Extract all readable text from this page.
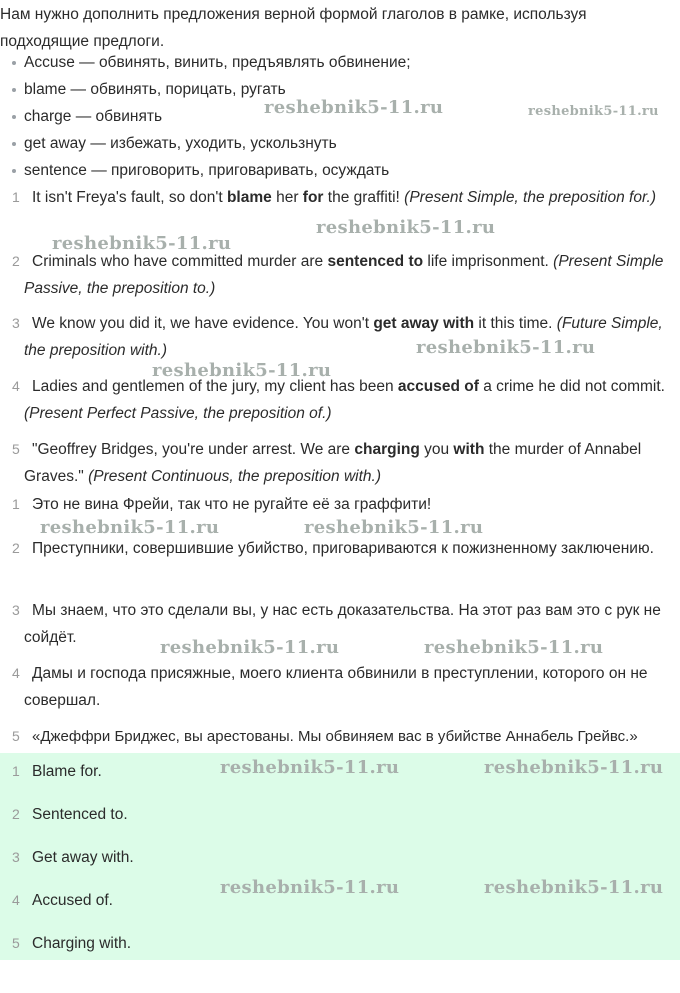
Нам нужно дополнить предложения верной формой глаголов в рамке, используя подходящие предлоги.
Accuse — обвинять, винить, предъявлять обвинение;
blame — обвинять, порицать, ругать
charge — обвинять
get away — избежать, уходить, ускользнуть
sentence — приговорить, приговаривать, осуждать
1 It isn't Freya's fault, so don't blame her for the graffiti! (Present Simple, the preposition for.)
2 Criminals who have committed murder are sentenced to life imprisonment. (Present Simple Passive, the preposition to.)
3 We know you did it, we have evidence. You won't get away with it this time. (Future Simple, the preposition with.)
4 Ladies and gentlemen of the jury, my client has been accused of a crime he did not commit. (Present Perfect Passive, the preposition of.)
5 "Geoffrey Bridges, you're under arrest. We are charging you with the murder of Annabel Graves." (Present Continuous, the preposition with.)
1 Это не вина Фрейи, так что не ругайте её за граффити!
2 Преступники, совершившие убийство, приговариваются к пожизненному заключению.
3 Мы знаем, что это сделали вы, у нас есть доказательства. На этот раз вам это с рук не сойдёт.
4 Дамы и господа присяжные, моего клиента обвинили в преступлении, которого он не совершал.
5 «Джеффри Бриджес, вы арестованы. Мы обвиняем вас в убийстве Аннабель Грейвс.»
1 Blame for.
2 Sentenced to.
3 Get away with.
4 Accused of.
5 Charging with.
reshebnik5-11.ru	reshebnik5-11.ru
reshebnik5-11.ru
reshebnik5-11.ru
reshebnik5-11.ru
reshebnik5-11.ru
reshebnik5-11.ru	reshebnik5-11.ru
reshebnik5-11.ru	reshebnik5-11.ru
reshebnik5-11.ru	reshebnik5-11.ru
reshebnik5-11.ru	reshebnik5-11.ru
